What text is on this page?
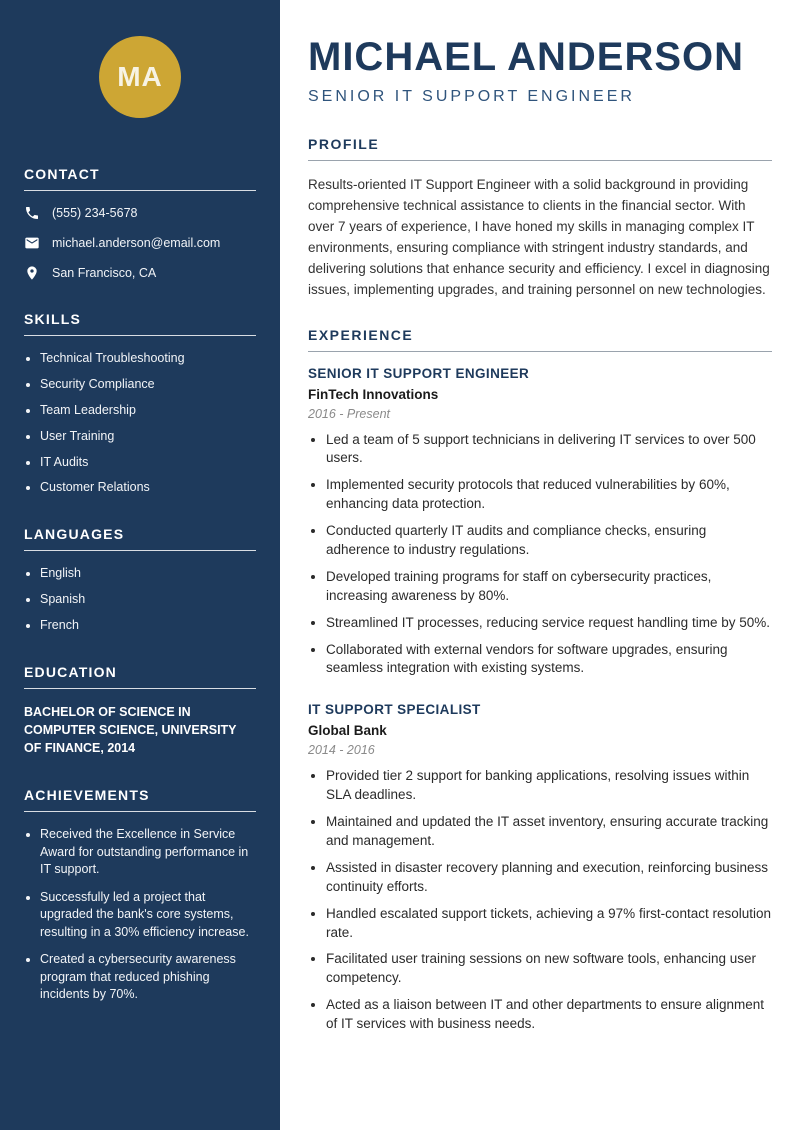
MA
CONTACT
(555) 234-5678
michael.anderson@email.com
San Francisco, CA
SKILLS
• Technical Troubleshooting
• Security Compliance
• Team Leadership
• User Training
• IT Audits
• Customer Relations
LANGUAGES
• English
• Spanish
• French
EDUCATION
BACHELOR OF SCIENCE IN COMPUTER SCIENCE, UNIVERSITY OF FINANCE, 2014
ACHIEVEMENTS
• Received the Excellence in Service Award for outstanding performance in IT support.
• Successfully led a project that upgraded the bank's core systems, resulting in a 30% efficiency increase.
• Created a cybersecurity awareness program that reduced phishing incidents by 70%.
MICHAEL ANDERSON
SENIOR IT SUPPORT ENGINEER
PROFILE

Results-oriented IT Support Engineer with a solid background in providing comprehensive technical assistance to clients in the financial sector. With over 7 years of experience, I have honed my skills in managing complex IT environments, ensuring compliance with stringent industry standards, and delivering solutions that enhance security and efficiency. I excel in diagnosing issues, implementing upgrades, and training personnel on new technologies.

EXPERIENCE
SENIOR IT SUPPORT ENGINEER
FinTech Innovations
2016 - Present
• Led a team of 5 support technicians in delivering IT services to over 500 users.
• Implemented security protocols that reduced vulnerabilities by 60%, enhancing data protection.
• Conducted quarterly IT audits and compliance checks, ensuring adherence to industry regulations.
• Developed training programs for staff on cybersecurity practices, increasing awareness by 80%.
• Streamlined IT processes, reducing service request handling time by 50%.
• Collaborated with external vendors for software upgrades, ensuring seamless integration with existing systems.
IT SUPPORT SPECIALIST
Global Bank
2014 - 2016
• Provided tier 2 support for banking applications, resolving issues within SLA deadlines.
• Maintained and updated the IT asset inventory, ensuring accurate tracking and management.
• Assisted in disaster recovery planning and execution, reinforcing business continuity efforts.
• Handled escalated support tickets, achieving a 97% first-contact resolution rate.
• Facilitated user training sessions on new software tools, enhancing user competency.
• Acted as a liaison between IT and other departments to ensure alignment of IT services with business needs.
